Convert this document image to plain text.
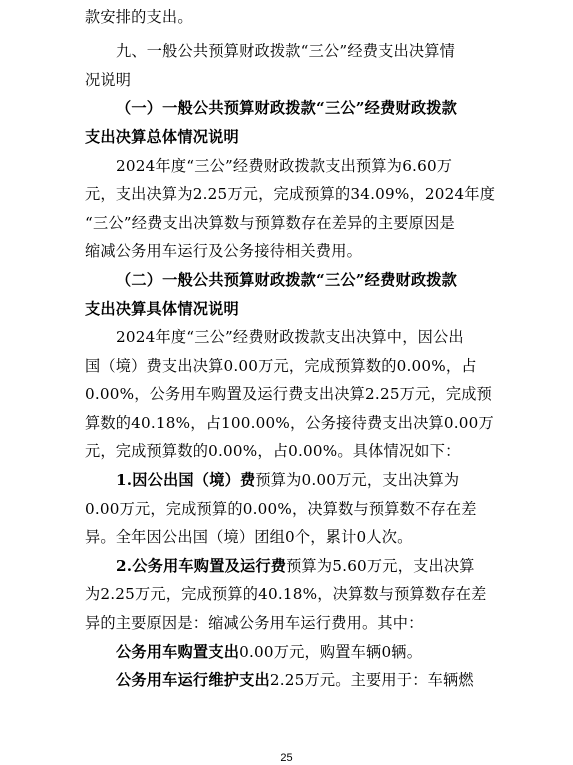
款安排的支出。
九、一般公共预算财政拨款“三公”经费支出决算情
况说明
（一）一般公共预算财政拨款“三公”经费财政拨款
支出决算总体情况说明
2024年度“三公”经费财政拨款支出预算为6.60万
元，支出决算为2.25万元，完成预算的34.09%，2024年度
“三公”经费支出决算数与预算数存在差异的主要原因是
缩减公务用车运行及公务接待相关费用。
（二）一般公共预算财政拨款“三公”经费财政拨款
支出决算具体情况说明
2024年度“三公”经费财政拨款支出决算中，因公出
国（境）费支出决算0.00万元，完成预算数的0.00%，占
0.00%，公务用车购置及运行费支出决算2.25万元，完成预
算数的40.18%，占100.00%，公务接待费支出决算0.00万
元，完成预算数的0.00%，占0.00%。具体情况如下：
1.因公出国（境）费预算为0.00万元，支出决算为
0.00万元，完成预算的0.00%，决算数与预算数不存在差
异。全年因公出国（境）团组0个，累计0人次。
2.公务用车购置及运行费预算为5.60万元，支出决算
为2.25万元，完成预算的40.18%，决算数与预算数存在差
异的主要原因是：缩减公务用车运行费用。其中：
公务用车购置支出0.00万元，购置车辆0辆。
公务用车运行维护支出2.25万元。主要用于：车辆燃
25
